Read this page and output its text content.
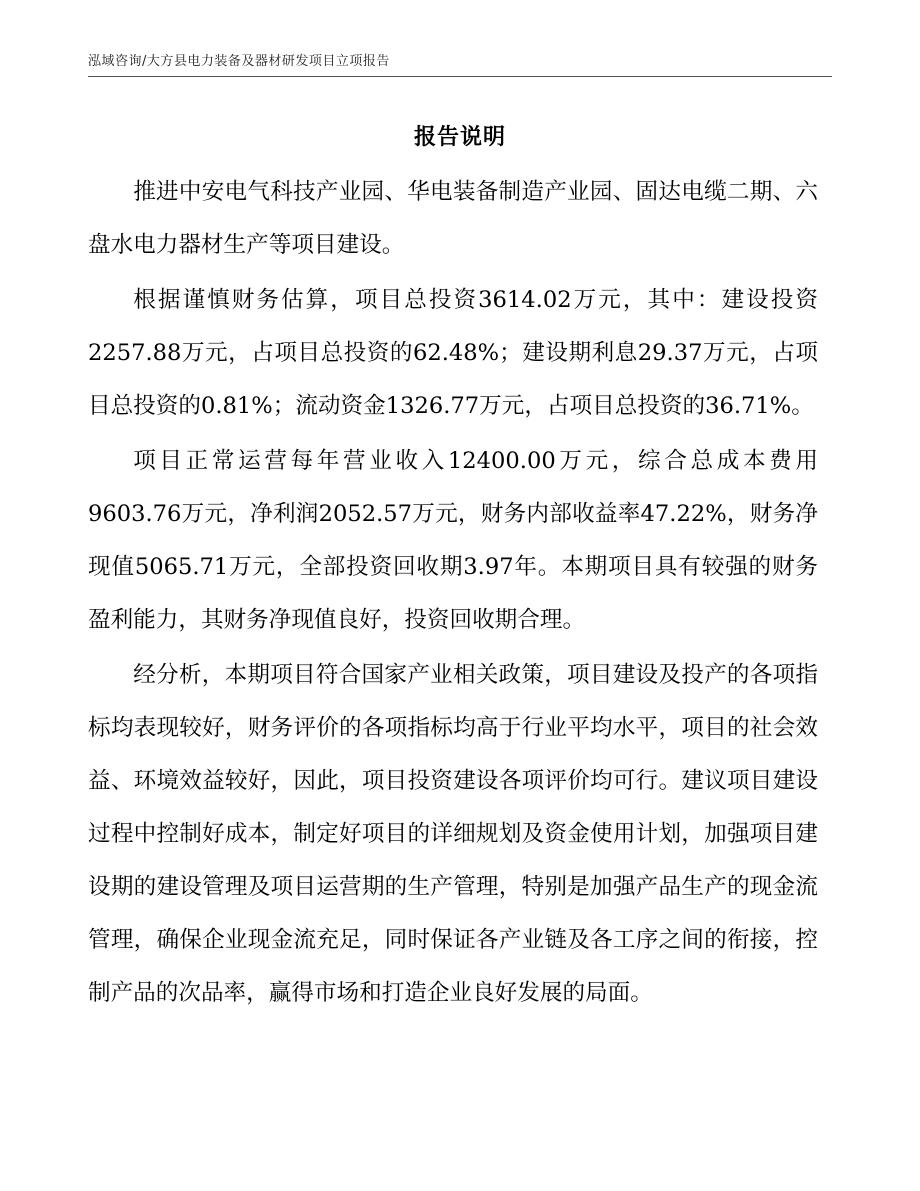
泓域咨询/大方县电力装备及器材研发项目立项报告
报告说明

推进中安电气科技产业园、华电装备制造产业园、固达电缆二期、六盘水电力器材生产等项目建设。

根据谨慎财务估算，项目总投资3614.02万元，其中：建设投资2257.88万元，占项目总投资的62.48%；建设期利息29.37万元，占项目总投资的0.81%；流动资金1326.77万元，占项目总投资的36.71%。

项目正常运营每年营业收入12400.00万元，综合总成本费用9603.76万元，净利润2052.57万元，财务内部收益率47.22%，财务净现值5065.71万元，全部投资回收期3.97年。本期项目具有较强的财务盈利能力，其财务净现值良好，投资回收期合理。

经分析，本期项目符合国家产业相关政策，项目建设及投产的各项指标均表现较好，财务评价的各项指标均高于行业平均水平，项目的社会效益、环境效益较好，因此，项目投资建设各项评价均可行。建议项目建设过程中控制好成本，制定好项目的详细规划及资金使用计划，加强项目建设期的建设管理及项目运营期的生产管理，特别是加强产品生产的现金流管理，确保企业现金流充足，同时保证各产业链及各工序之间的衔接，控制产品的次品率，赢得市场和打造企业良好发展的局面。
